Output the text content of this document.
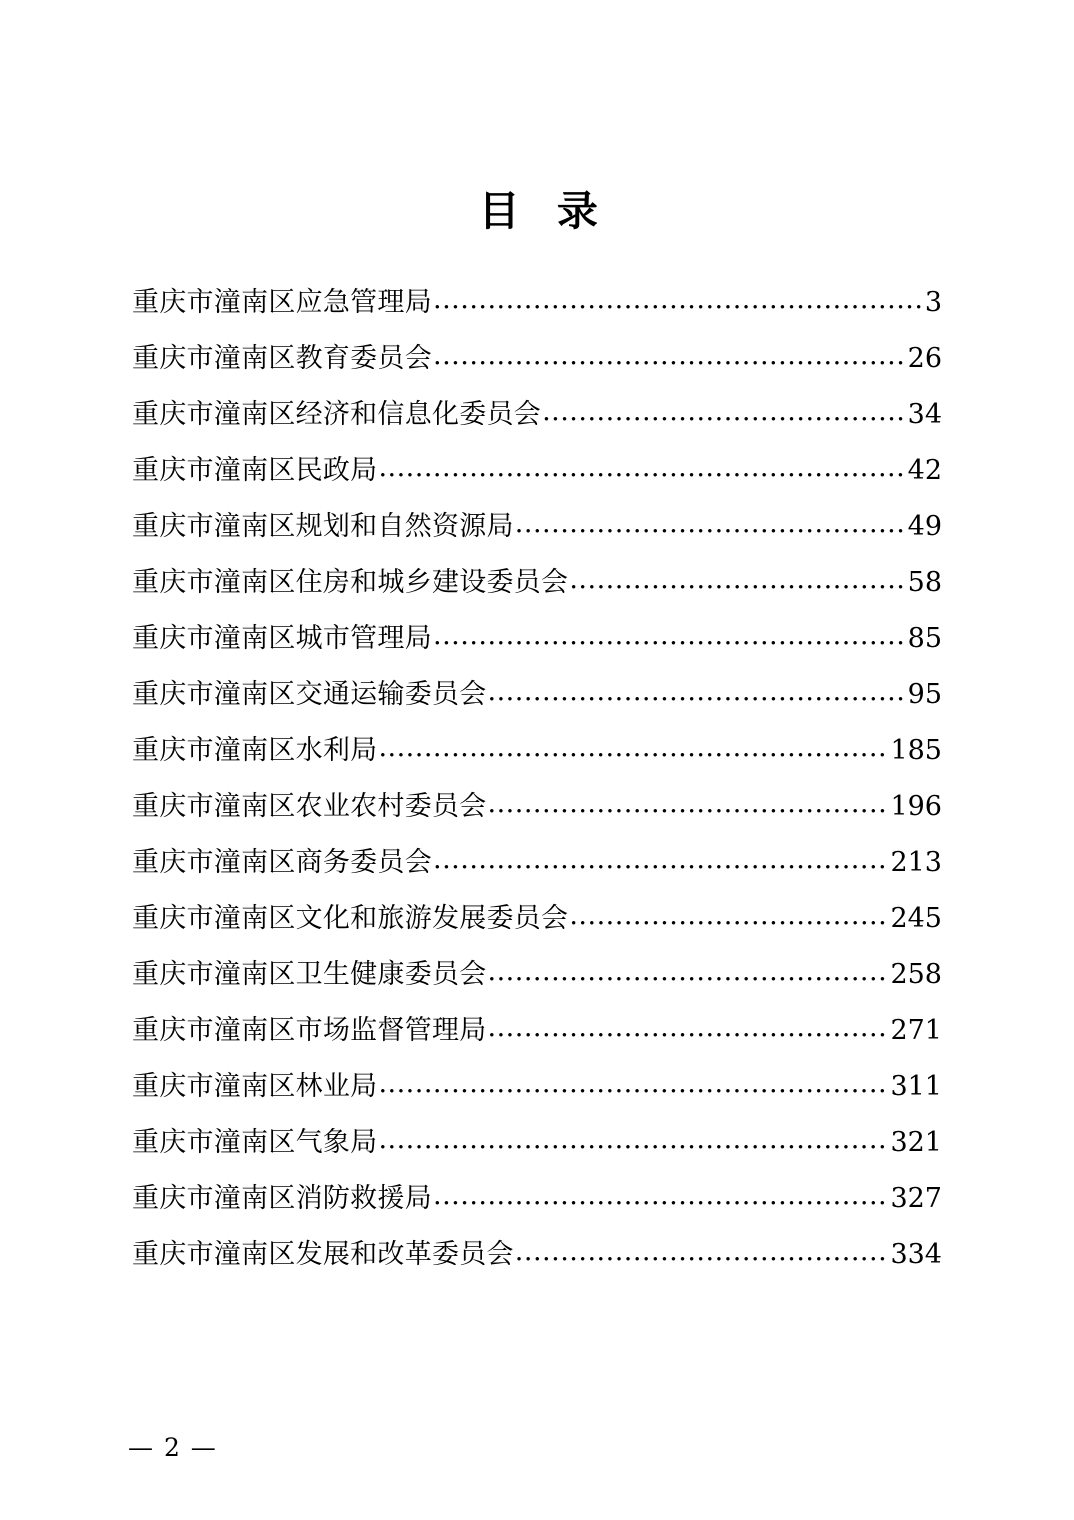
目 录
重庆市潼南区应急管理局 .....	3
重庆市潼南区教育委员会 .....	26
重庆市潼南区经济和信息化委员会 .....	34
重庆市潼南区民政局 .....	42
重庆市潼南区规划和自然资源局 .....	49
重庆市潼南区住房和城乡建设委员会 .....	58
重庆市潼南区城市管理局 .....	85
重庆市潼南区交通运输委员会 .....	95
重庆市潼南区水利局 .....	185
重庆市潼南区农业农村委员会 .....	196
重庆市潼南区商务委员会 .....	213
重庆市潼南区文化和旅游发展委员会 .....	245
重庆市潼南区卫生健康委员会 .....	258
重庆市潼南区市场监督管理局 .....	271
重庆市潼南区林业局 .....	311
重庆市潼南区气象局 .....	321
重庆市潼南区消防救援局 .....	327
重庆市潼南区发展和改革委员会 .....	334
— 2 —
